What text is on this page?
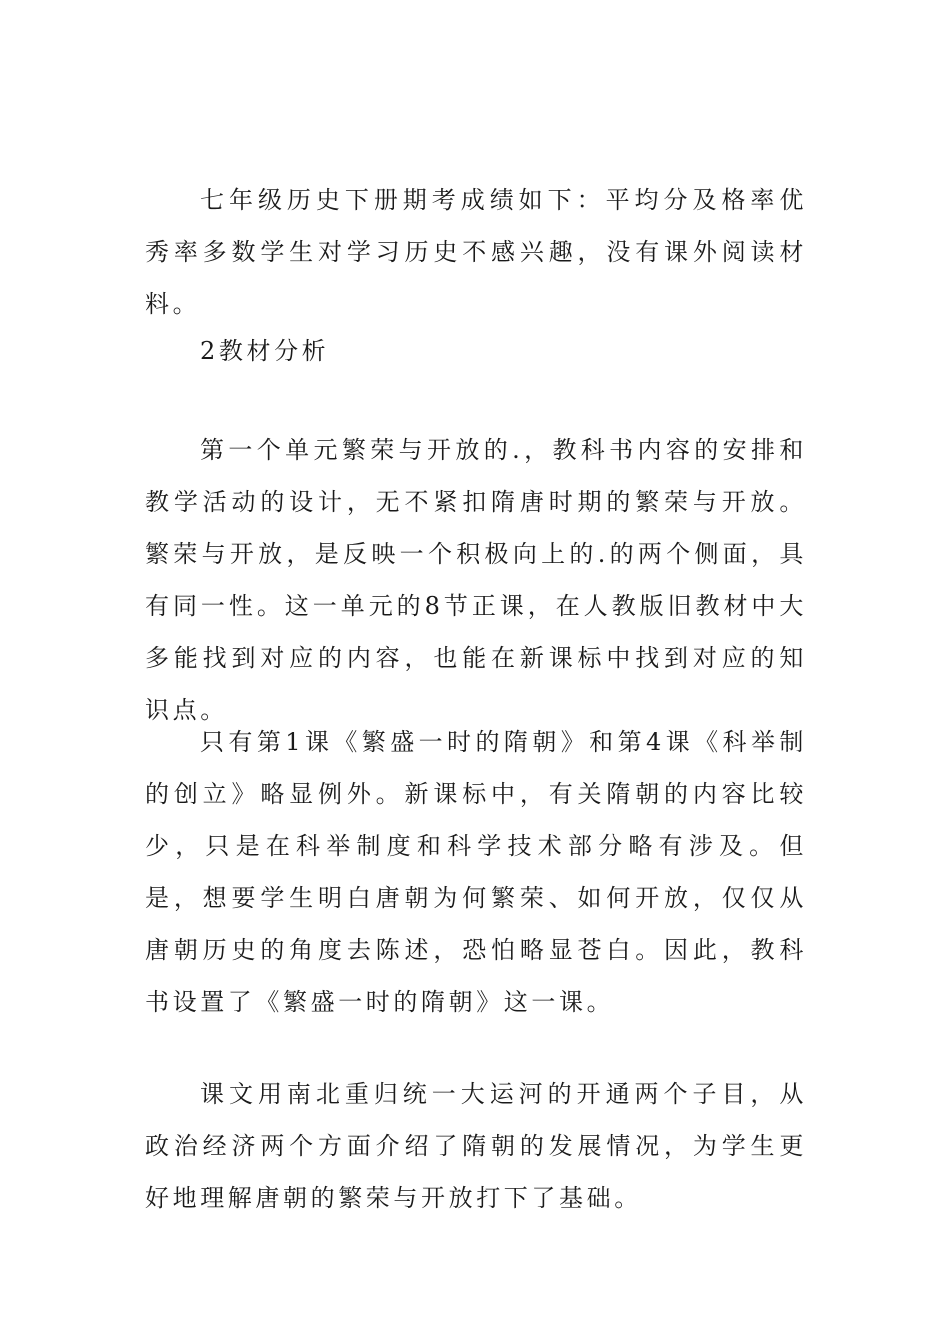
七年级历史下册期考成绩如下：平均分及格率优秀率多数学生对学习历史不感兴趣，没有课外阅读材料。

2教材分析

第一个单元繁荣与开放的.，教科书内容的安排和教学活动的设计，无不紧扣隋唐时期的繁荣与开放。繁荣与开放，是反映一个积极向上的.的两个侧面，具有同一性。这一单元的8节正课，在人教版旧教材中大多能找到对应的内容，也能在新课标中找到对应的知识点。

只有第1课《繁盛一时的隋朝》和第4课《科举制的创立》略显例外。新课标中，有关隋朝的内容比较少，只是在科举制度和科学技术部分略有涉及。但是，想要学生明白唐朝为何繁荣、如何开放，仅仅从唐朝历史的角度去陈述，恐怕略显苍白。因此，教科书设置了《繁盛一时的隋朝》这一课。

课文用南北重归统一大运河的开通两个子目，从政治经济两个方面介绍了隋朝的发展情况，为学生更好地理解唐朝的繁荣与开放打下了基础。
